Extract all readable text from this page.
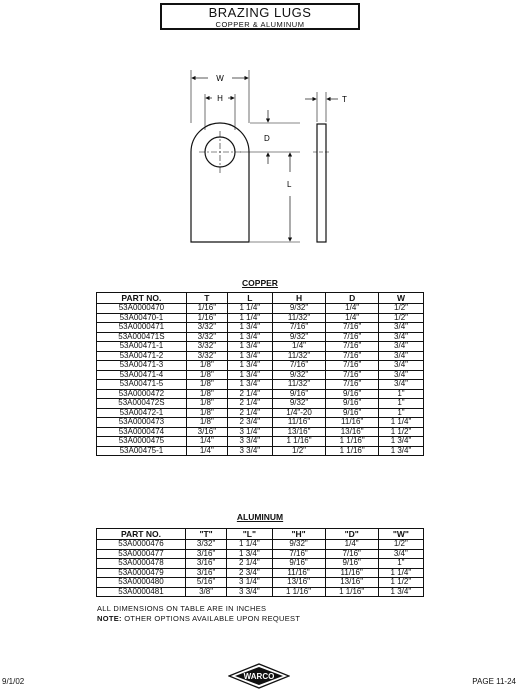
BRAZING LUGS
COPPER & ALUMINUM
W
H	T
D
L
COPPER
PART NO.	T	L	H	D	W
53A0000470	1/16"	1 1/4"	9/32"	1/4"	1/2"
53A00470-1	1/16"	1 1/4"	11/32"	1/4"	1/2"
53A0000471	3/32"	1 3/4"	7/16"	7/16"	3/4"
53A000471S	3/32"	1 3/4"	9/32"	7/16"	3/4"
53A00471-1	3/32"	1 3/4"	1/4"	7/16"	3/4"
53A00471-2	3/32"	1 3/4"	11/32"	7/16"	3/4"
53A00471-3	1/8"	1 3/4"	7/16"	7/16"	3/4"
53A00471-4	1/8"	1 3/4"	9/32"	7/16"	3/4"
53A00471-5	1/8"	1 3/4"	11/32"	7/16"	3/4"
53A0000472	1/8"	2 1/4"	9/16"	9/16"	1"
53A000472S	1/8"	2 1/4"	9/32"	9/16"	1"
53A00472-1	1/8"	2 1/4"	1/4"-20	9/16"	1"
53A0000473	1/8"	2 3/4"	11/16"	11/16"	1 1/4"
53A0000474	3/16"	3 1/4"	13/16"	13/16"	1 1/2"
53A0000475	1/4"	3 3/4"	1 1/16"	1 1/16"	1 3/4"
53A00475-1	1/4"	3 3/4"	1/2"	1 1/16"	1 3/4"
ALUMINUM
PART NO.	"T"	"L"	"H"	"D"	"W"
53A0000476	3/32"	1 1/4"	9/32"	1/4"	1/2"
53A0000477	3/16"	1 3/4"	7/16"	7/16"	3/4"
53A0000478	3/16"	2 1/4"	9/16"	9/16"	1"
53A0000479	3/16"	2 3/4"	11/16"	11/16"	1 1/4"
53A0000480	5/16"	3 1/4"	13/16"	13/16"	1 1/2"
53A0000481	3/8"	3 3/4"	1 1/16"	1 1/16"	1 3/4"
ALL DIMENSIONS ON TABLE ARE IN INCHES
NOTE: OTHER OPTIONS AVAILABLE UPON REQUEST
9/1/02	PAGE 11-24
WARCO
